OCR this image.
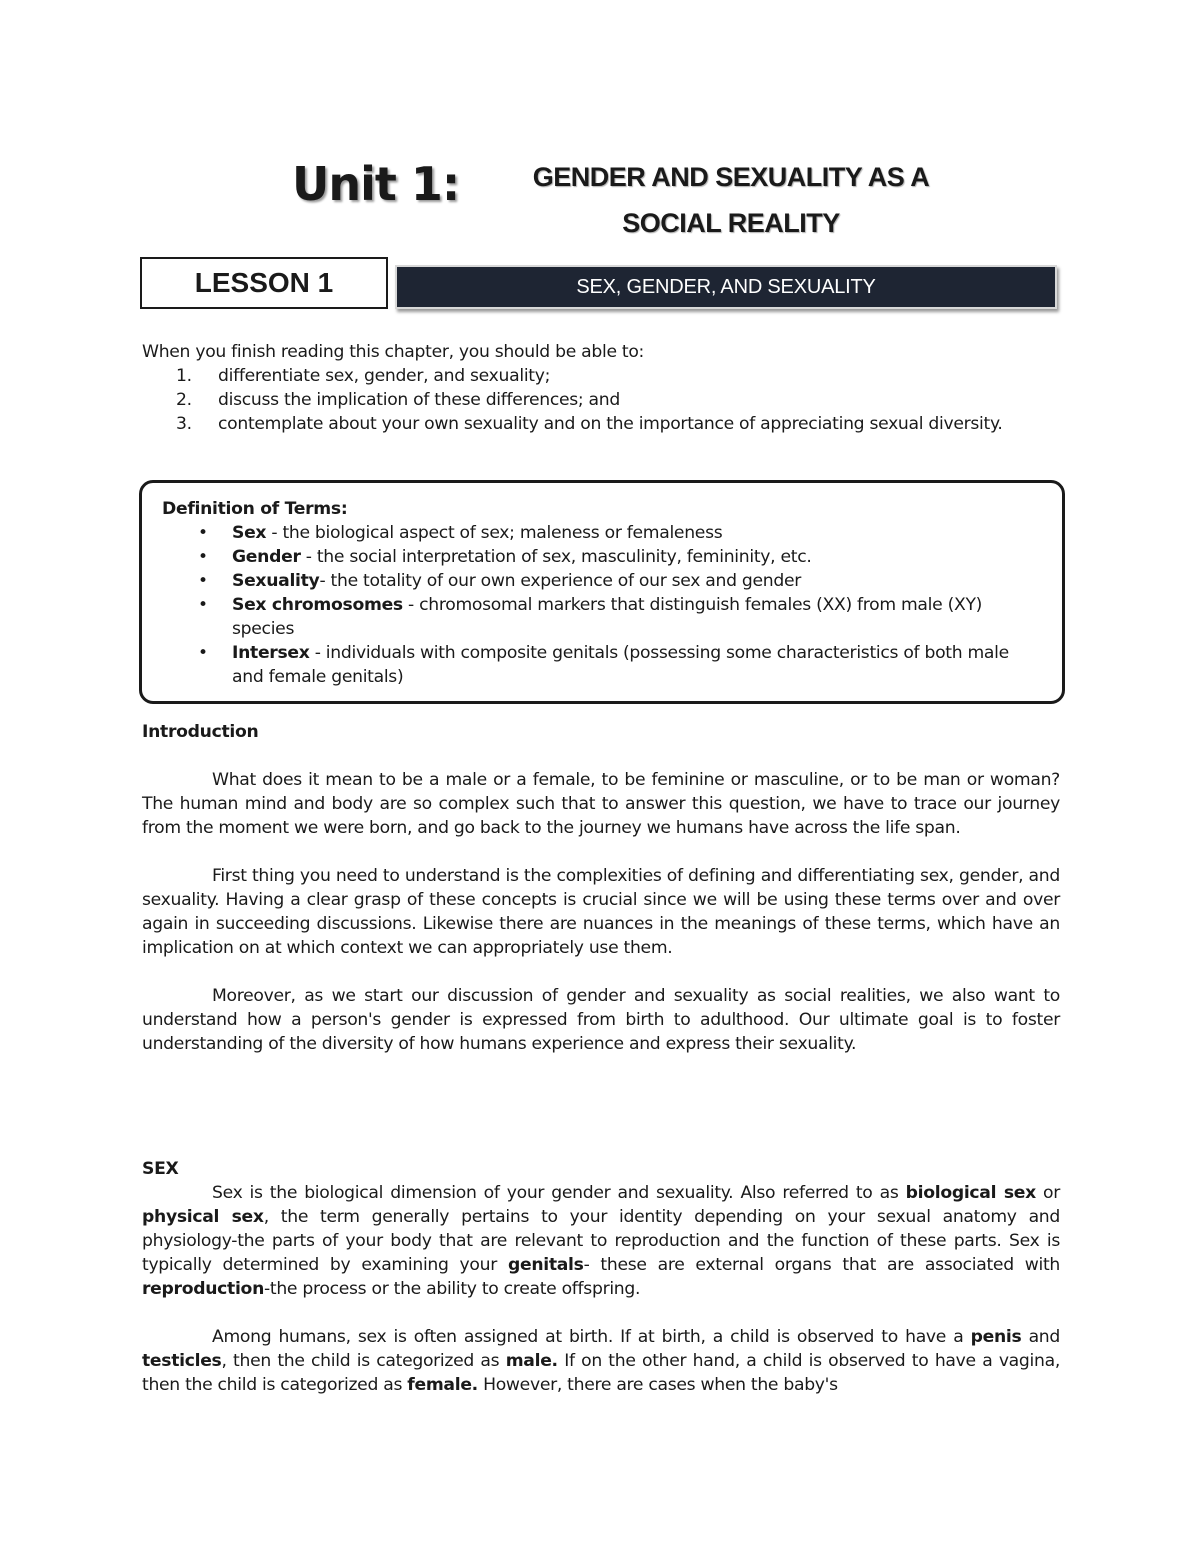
Unit 1:	GENDER AND SEXUALITY AS A
SOCIAL REALITY
LESSON 1	SEX, GENDER, AND SEXUALITY
When you finish reading this chapter, you should be able to:
1. differentiate sex, gender, and sexuality;
2. discuss the implication of these differences; and
3. contemplate about your own sexuality and on the importance of appreciating sexual diversity.
Definition of Terms:
• Sex - the biological aspect of sex; maleness or femaleness
• Gender - the social interpretation of sex, masculinity, femininity, etc.
• Sexuality- the totality of our own experience of our sex and gender
• Sex chromosomes - chromosomal markers that distinguish females (XX) from male (XY) species
• Intersex - individuals with composite genitals (possessing some characteristics of both male and female genitals)
Introduction

What does it mean to be a male or a female, to be feminine or masculine, or to be man or woman? The human mind and body are so complex such that to answer this question, we have to trace our journey from the moment we were born, and go back to the journey we humans have across the life span.

First thing you need to understand is the complexities of defining and differentiating sex, gender, and sexuality. Having a clear grasp of these concepts is crucial since we will be using these terms over and over again in succeeding discussions. Likewise there are nuances in the meanings of these terms, which have an implication on at which context we can appropriately use them.

Moreover, as we start our discussion of gender and sexuality as social realities, we also want to understand how a person's gender is expressed from birth to adulthood. Our ultimate goal is to foster understanding of the diversity of how humans experience and express their sexuality.

SEX

Sex is the biological dimension of your gender and sexuality. Also referred to as biological sex or physical sex, the term generally pertains to your identity depending on your sexual anatomy and physiology-the parts of your body that are relevant to reproduction and the function of these parts. Sex is typically determined by examining your genitals- these are external organs that are associated with reproduction-the process or the ability to create offspring.

Among humans, sex is often assigned at birth. If at birth, a child is observed to have a penis and testicles, then the child is categorized as male. If on the other hand, a child is observed to have a vagina, then the child is categorized as female. However, there are cases when the baby's
